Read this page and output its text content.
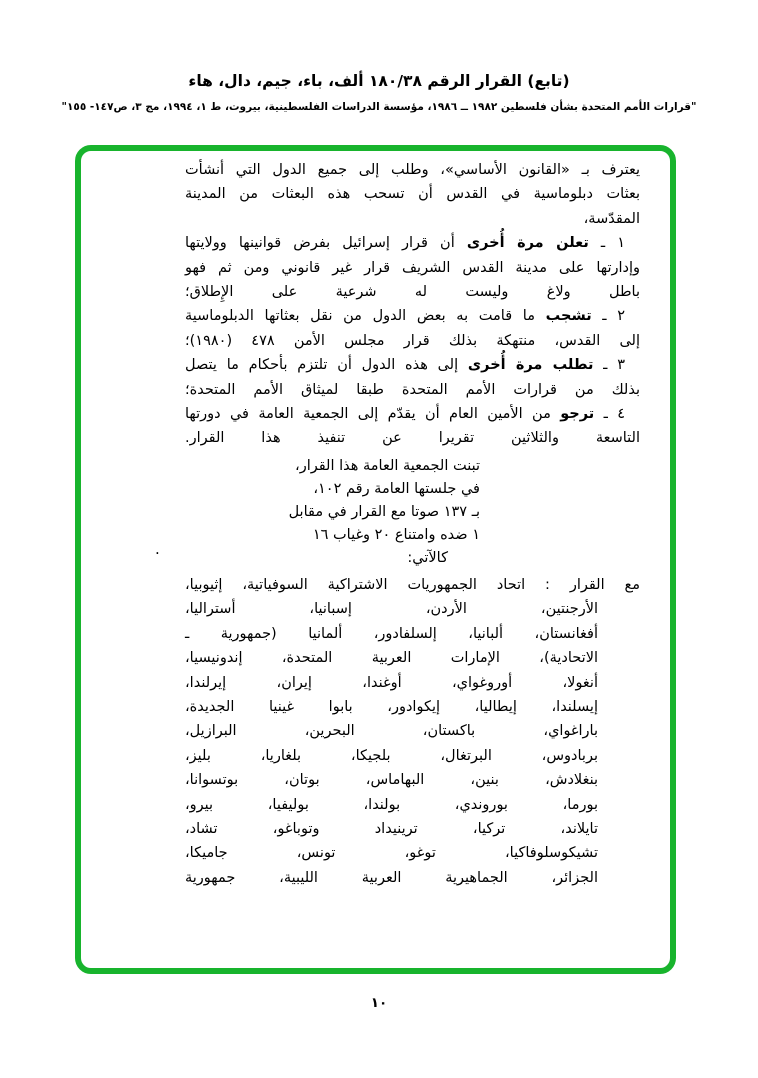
(تابع) القرار الرقم ١٨٠/٣٨ ألف، باء، جيم، دال، هاء
"قرارات الأمم المتحدة بشأن فلسطين ١٩٨٢ ــ ١٩٨٦، مؤسسة الدراسات الفلسطينية، بيروت، ط ١، ١٩٩٤، مج ٣، ص١٤٧- ١٥٥"
يعترف بـ «القانون الأساسي»، وطلب إلى جميع الدول التي أنشأت
بعثات دبلوماسية في القدس أن تسحب هذه البعثات من المدينة
المقدّسة،
١ ـ تعلن مرة أُخرى أن قرار إسرائيل بفرض قوانينها وولايتها
وإدارتها على مدينة القدس الشريف قرار غير قانوني ومن ثم فهو
باطل ولاغ وليست له شرعية على الإِطلاق؛
٢ ـ تشجب ما قامت به بعض الدول من نقل بعثاتها الدبلوماسية
إلى القدس، منتهكة بذلك قرار مجلس الأمن ٤٧٨ (١٩٨٠)؛
٣ ـ تطلب مرة أُخرى إلى هذه الدول أن تلتزم بأحكام ما يتصل
بذلك من قرارات الأمم المتحدة طبقا لميثاق الأمم المتحدة؛
٤ ـ ترجو من الأمين العام أن يقدّم إلى الجمعية العامة في دورتها
التاسعة والثلاثين تقريرا عن تنفيذ هذا القرار.
تبنت الجمعية العامة هذا القرار،
في جلستها العامة رقم ١٠٢،
بـ ١٣٧ صوتا مع القرار في مقابل
١ ضده وامتناع ٢٠ وغياب ١٦
كالآتي:
مع القرار : اتحاد الجمهوريات الاشتراكية السوفياتية، إثيوبيا،
الأرجنتين، الأردن، إسبانيا، أستراليا،
أفغانستان، ألبانيا، إلسلفادور، ألمانيا (جمهورية ـ
الاتحادية)، الإمارات العربية المتحدة، إندونيسيا،
أنغولا، أوروغواي، أوغندا، إيران، إيرلندا،
إيسلندا، إيطاليا، إيكوادور، بابوا غينيا الجديدة،
باراغواي، باكستان، البحرين، البرازيل،
بربادوس، البرتغال، بلجيكا، بلغاريا، بليز،
بنغلادش، بنين، البهاماس، بوتان، بوتسوانا،
بورما، بوروندي، بولندا، بوليفيا، بيرو،
تايلاند، تركيا، ترينيداد وتوباغو، تشاد،
تشيكوسلوفاكيا، توغو، تونس، جاميكا،
الجزائر، الجماهيرية العربية الليبية، جمهورية
.
١٠
